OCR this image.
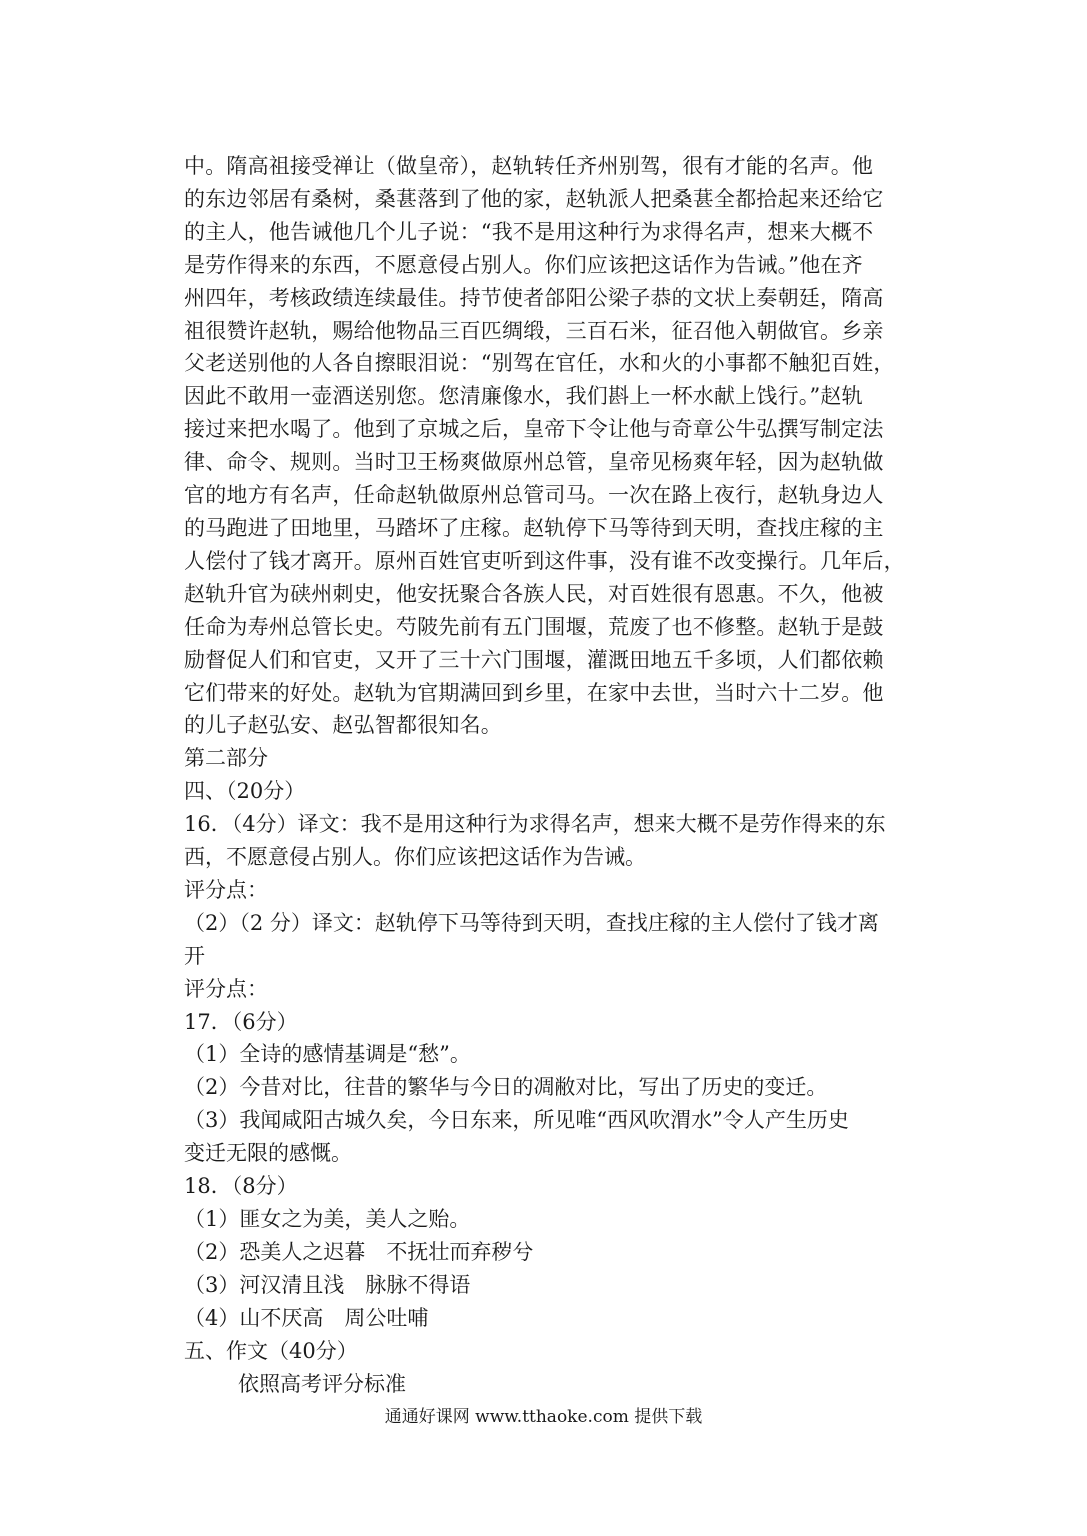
中。隋高祖接受禅让（做皇帝），赵轨转任齐州别驾，很有才能的名声。他
的东边邻居有桑树，桑葚落到了他的家，赵轨派人把桑葚全都拾起来还给它
的主人，他告诫他几个儿子说：“我不是用这种行为求得名声，想来大概不
是劳作得来的东西，不愿意侵占别人。你们应该把这话作为告诫。”他在齐
州四年，考核政绩连续最佳。持节使者郃阳公梁子恭的文状上奏朝廷，隋高
祖很赞许赵轨，赐给他物品三百匹绸缎，三百石米，征召他入朝做官。乡亲
父老送别他的人各自擦眼泪说：“别驾在官任，水和火的小事都不触犯百姓，
因此不敢用一壶酒送别您。您清廉像水，我们斟上一杯水献上饯行。”赵轨
接过来把水喝了。他到了京城之后，皇帝下令让他与奇章公牛弘撰写制定法
律、命令、规则。当时卫王杨爽做原州总管，皇帝见杨爽年轻，因为赵轨做
官的地方有名声，任命赵轨做原州总管司马。一次在路上夜行，赵轨身边人
的马跑进了田地里，马踏坏了庄稼。赵轨停下马等待到天明，查找庄稼的主
人偿付了钱才离开。原州百姓官吏听到这件事，没有谁不改变操行。几年后，
赵轨升官为硖州刺史，他安抚聚合各族人民，对百姓很有恩惠。不久，他被
任命为寿州总管长史。芍陂先前有五门围堰，荒废了也不修整。赵轨于是鼓
励督促人们和官吏，又开了三十六门围堰，灌溉田地五千多顷，人们都依赖
它们带来的好处。赵轨为官期满回到乡里，在家中去世，当时六十二岁。他
的儿子赵弘安、赵弘智都很知名。
第二部分
四、（20分）
16．（4分）译文：我不是用这种行为求得名声，想来大概不是劳作得来的东
西，不愿意侵占别人。你们应该把这话作为告诫。
评分点：
（2）（2 分）译文：赵轨停下马等待到天明，查找庄稼的主人偿付了钱才离
开
评分点：
17．（6分）
（1）全诗的感情基调是“愁”。
（2）今昔对比，往昔的繁华与今日的凋敝对比，写出了历史的变迁。
（3）我闻咸阳古城久矣，今日东来，所见唯“西风吹渭水”令人产生历史
变迁无限的感慨。
18．（8分）
（1）匪女之为美，美人之贻。
（2）恐美人之迟暮　不抚壮而弃秽兮
（3）河汉清且浅　脉脉不得语
（4）山不厌高　周公吐哺
五、作文（40分）
依照高考评分标准
通通好课网 www.tthaoke.com 提供下载
